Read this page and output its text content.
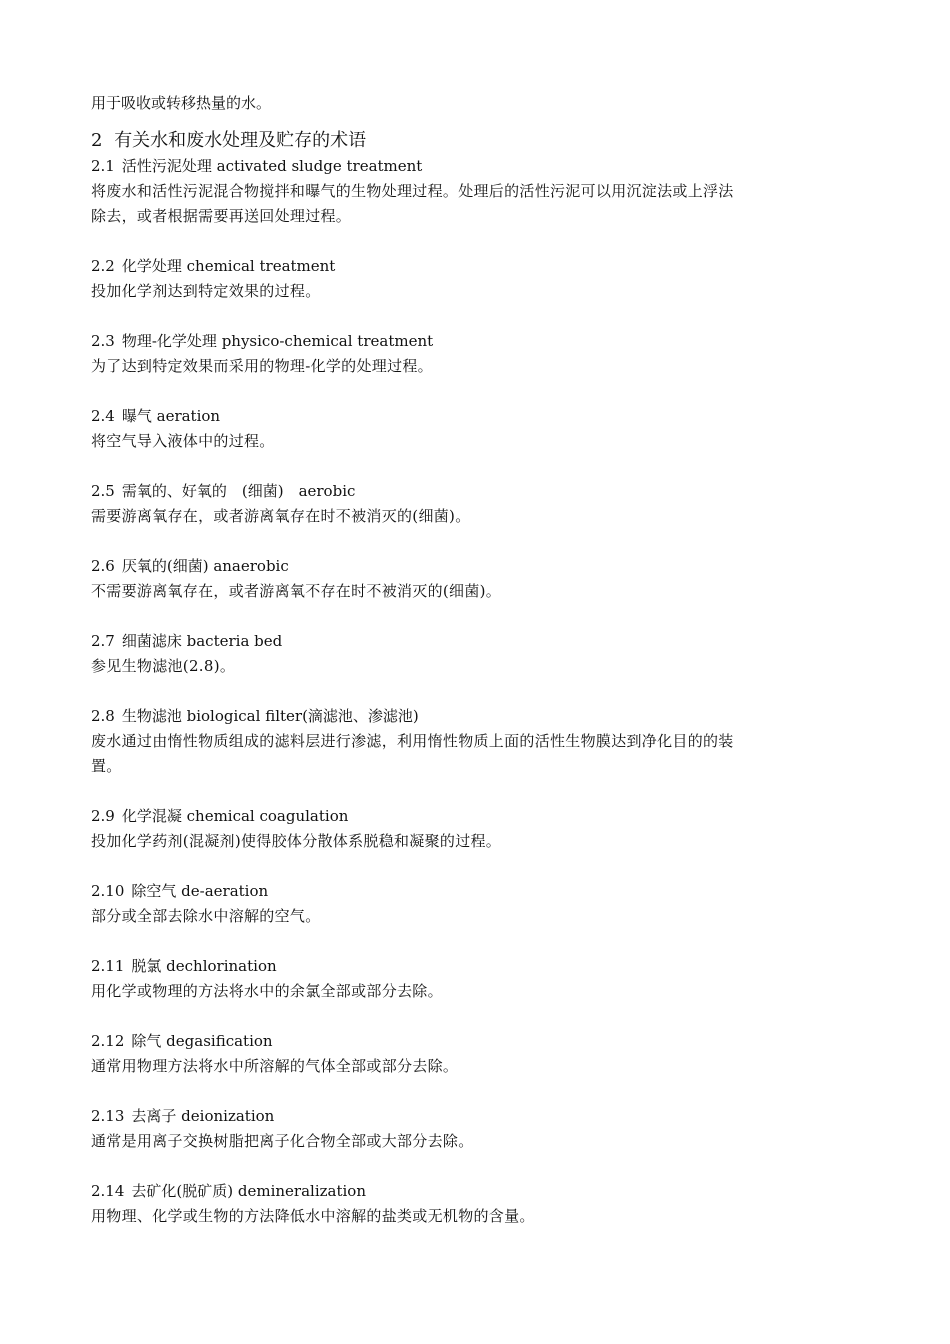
用于吸收或转移热量的水。

2 有关水和废水处理及贮存的术语
2.1 活性污泥处理 activated sludge treatment
将废水和活性污泥混合物搅拌和曝气的生物处理过程。处理后的活性污泥可以用沉淀法或上浮法除去，或者根据需要再送回处理过程。
2.2 化学处理 chemical treatment
投加化学剂达到特定效果的过程。
2.3 物理-化学处理 physico-chemical treatment
为了达到特定效果而采用的物理-化学的处理过程。
2.4 曝气 aeration
将空气导入液体中的过程。
2.5 需氧的、好氧的　(细菌)　aerobic
需要游离氧存在，或者游离氧存在时不被消灭的(细菌)。
2.6 厌氧的(细菌) anaerobic
不需要游离氧存在，或者游离氧不存在时不被消灭的(细菌)。
2.7 细菌滤床 bacteria bed
参见生物滤池(2.8)。
2.8 生物滤池 biological filter(滴滤池、渗滤池)
废水通过由惰性物质组成的滤料层进行渗滤，利用惰性物质上面的活性生物膜达到净化目的的装置。
2.9 化学混凝 chemical coagulation
投加化学药剂(混凝剂)使得胶体分散体系脱稳和凝聚的过程。
2.10 除空气 de-aeration
部分或全部去除水中溶解的空气。
2.11 脱氯 dechlorination
用化学或物理的方法将水中的余氯全部或部分去除。
2.12 除气 degasification
通常用物理方法将水中所溶解的气体全部或部分去除。
2.13 去离子 deionization
通常是用离子交换树脂把离子化合物全部或大部分去除。
2.14 去矿化(脱矿质) demineralization
用物理、化学或生物的方法降低水中溶解的盐类或无机物的含量。
